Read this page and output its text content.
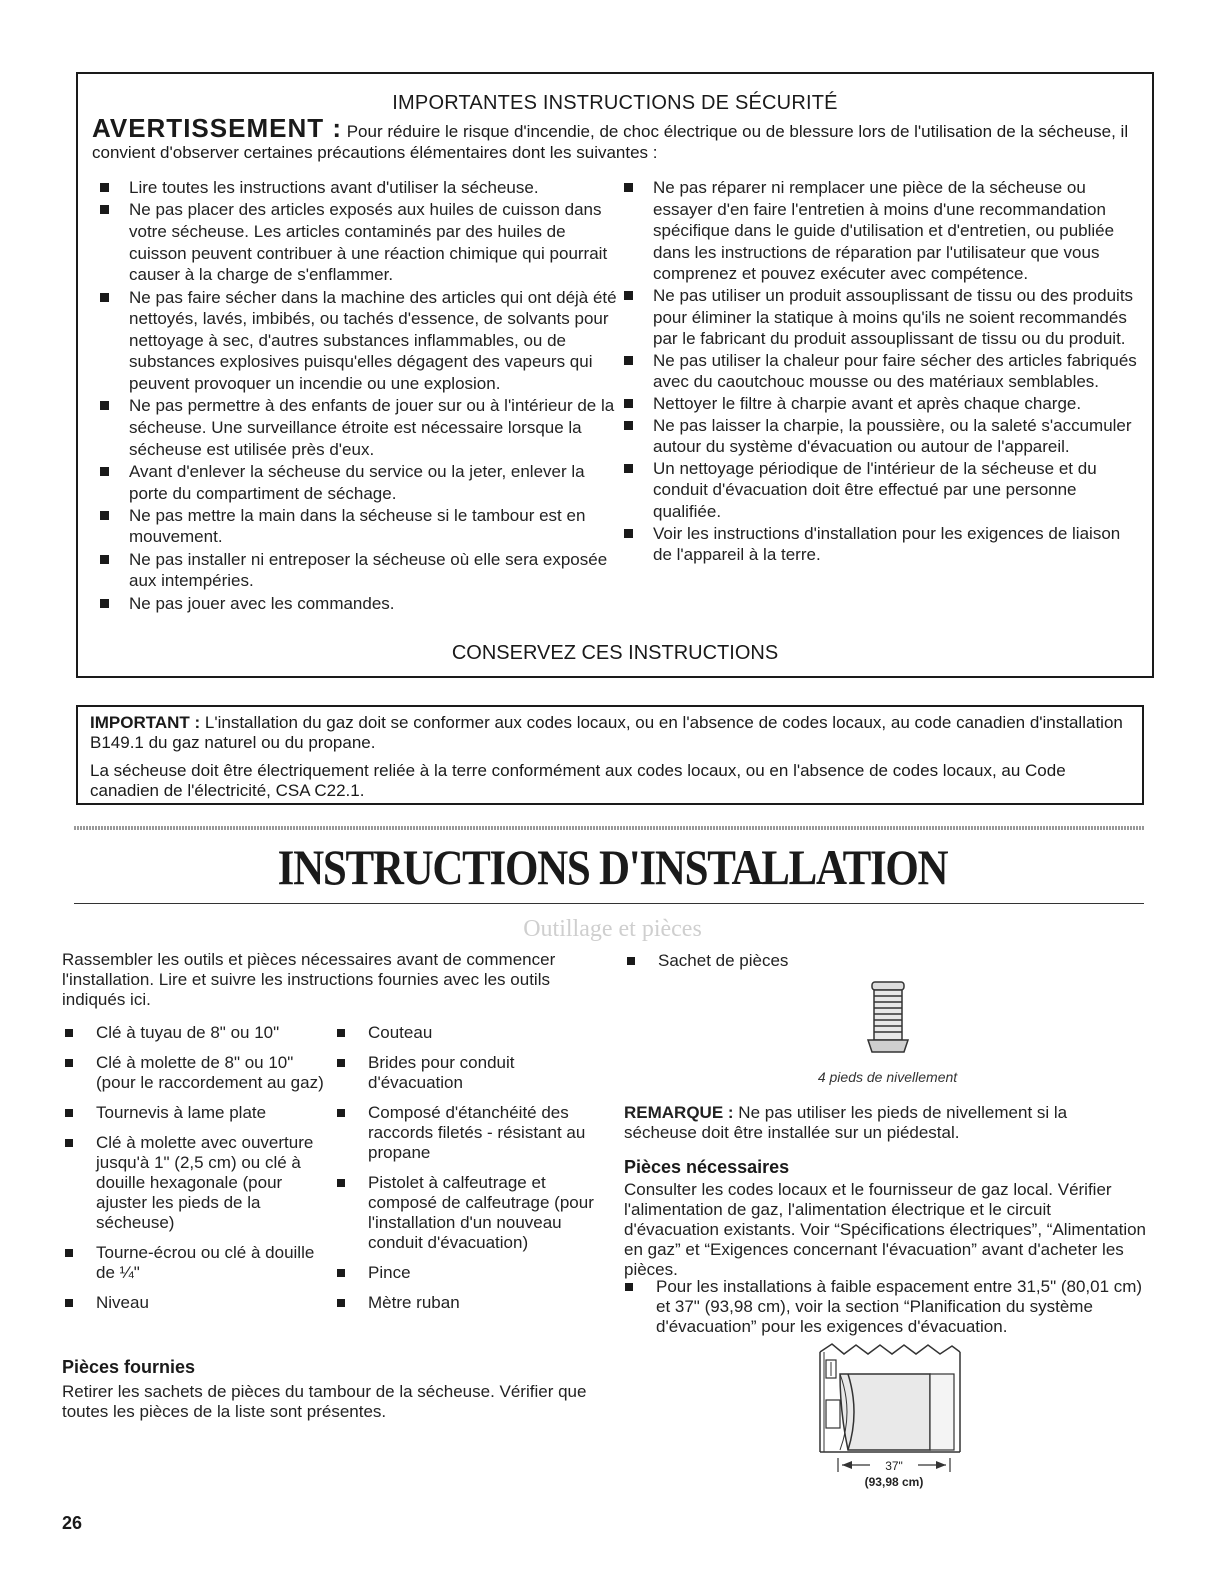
IMPORTANTES INSTRUCTIONS DE SÉCURITÉ
AVERTISSEMENT : Pour réduire le risque d'incendie, de choc électrique ou de blessure lors de l'utilisation de la sécheuse, il convient d'observer certaines précautions élémentaires dont les suivantes :
Lire toutes les instructions avant d'utiliser la sécheuse.
Ne pas placer des articles exposés aux huiles de cuisson dans votre sécheuse. Les articles contaminés par des huiles de cuisson peuvent contribuer à une réaction chimique qui pourrait causer à la charge de s'enflammer.
Ne pas faire sécher dans la machine des articles qui ont déjà été nettoyés, lavés, imbibés, ou tachés d'essence, de solvants pour nettoyage à sec, d'autres substances inflammables, ou de substances explosives puisqu'elles dégagent des vapeurs qui peuvent provoquer un incendie ou une explosion.
Ne pas permettre à des enfants de jouer sur ou à l'intérieur de la sécheuse. Une surveillance étroite est nécessaire lorsque la sécheuse est utilisée près d'eux.
Avant d'enlever la sécheuse du service ou la jeter, enlever la porte du compartiment de séchage.
Ne pas mettre la main dans la sécheuse si le tambour est en mouvement.
Ne pas installer ni entreposer la sécheuse où elle sera exposée aux intempéries.
Ne pas jouer avec les commandes.
Ne pas réparer ni remplacer une pièce de la sécheuse ou essayer d'en faire l'entretien à moins d'une recommandation spécifique dans le guide d'utilisation et d'entretien, ou publiée dans les instructions de réparation par l'utilisateur que vous comprenez et pouvez exécuter avec compétence.
Ne pas utiliser un produit assouplissant de tissu ou des produits pour éliminer la statique à moins qu'ils ne soient recommandés par le fabricant du produit assouplissant de tissu ou du produit.
Ne pas utiliser la chaleur pour faire sécher des articles fabriqués avec du caoutchouc mousse ou des matériaux semblables.
Nettoyer le filtre à charpie avant et après chaque charge.
Ne pas laisser la charpie, la poussière, ou la saleté s'accumuler autour du système d'évacuation ou autour de l'appareil.
Un nettoyage périodique de l'intérieur de la sécheuse et du conduit d'évacuation doit être effectué par une personne qualifiée.
Voir les instructions d'installation pour les exigences de liaison de l'appareil à la terre.
CONSERVEZ CES INSTRUCTIONS

IMPORTANT : L'installation du gaz doit se conformer aux codes locaux, ou en l'absence de codes locaux, au code canadien d'installation B149.1 du gaz naturel ou du propane.

La sécheuse doit être électriquement reliée à la terre conformément aux codes locaux, ou en l'absence de codes locaux, au Code canadien de l'électricité, CSA C22.1.

INSTRUCTIONS D'INSTALLATION
Outillage et pièces
Rassembler les outils et pièces nécessaires avant de commencer l'installation. Lire et suivre les instructions fournies avec les outils indiqués ici.
Clé à tuyau de 8" ou 10"
Clé à molette de 8" ou 10" (pour le raccordement au gaz)
Tournevis à lame plate
Clé à molette avec ouverture jusqu'à 1" (2,5 cm) ou clé à douille hexagonale (pour ajuster les pieds de la sécheuse)
Tourne-écrou ou clé à douille de ¼"
Niveau
Couteau
Brides pour conduit d'évacuation
Composé d'étanchéité des raccords filetés - résistant au propane
Pistolet à calfeutrage et composé de calfeutrage (pour l'installation d'un nouveau conduit d'évacuation)
Pince
Mètre ruban
Pièces fournies
Retirer les sachets de pièces du tambour de la sécheuse. Vérifier que toutes les pièces de la liste sont présentes.
26
Sachet de pièces
4 pieds de nivellement
REMARQUE : Ne pas utiliser les pieds de nivellement si la sécheuse doit être installée sur un piédestal.
Pièces nécessaires
Consulter les codes locaux et le fournisseur de gaz local. Vérifier l'alimentation de gaz, l'alimentation électrique et le circuit d'évacuation existants. Voir “Spécifications électriques”, “Alimentation en gaz” et “Exigences concernant l'évacuation” avant d'acheter les pièces.
Pour les installations à faible espacement entre 31,5" (80,01 cm) et 37" (93,98 cm), voir la section “Planification du système d'évacuation” pour les exigences d'évacuation.
37"
(93,98 cm)
